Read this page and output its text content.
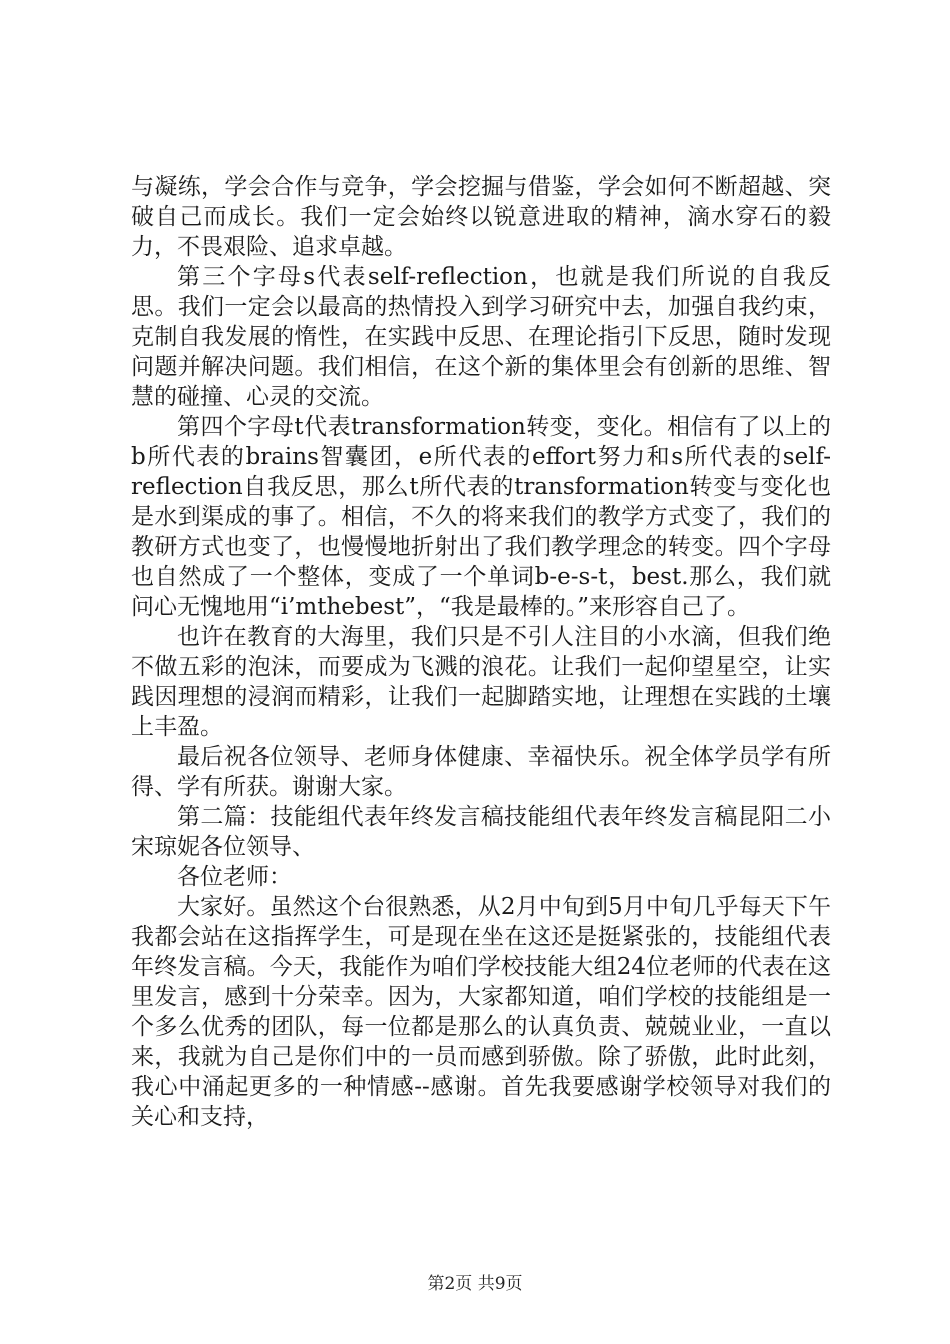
与凝练，学会合作与竞争，学会挖掘与借鉴，学会如何不断超越、突破自己而成长。我们一定会始终以锐意进取的精神，滴水穿石的毅力，不畏艰险、追求卓越。

第三个字母s代表self-reflection，也就是我们所说的自我反思。我们一定会以最高的热情投入到学习研究中去，加强自我约束，克制自我发展的惰性，在实践中反思、在理论指引下反思，随时发现问题并解决问题。我们相信，在这个新的集体里会有创新的思维、智慧的碰撞、心灵的交流。

第四个字母t代表transformation转变，变化。相信有了以上的b所代表的brains智囊团，e所代表的effort努力和s所代表的self-reflection自我反思，那么t所代表的transformation转变与变化也是水到渠成的事了。相信，不久的将来我们的教学方式变了，我们的教研方式也变了，也慢慢地折射出了我们教学理念的转变。四个字母也自然成了一个整体，变成了一个单词b-e-s-t，best.那么，我们就问心无愧地用“i’mthebest”，“我是最棒的。”来形容自己了。

也许在教育的大海里，我们只是不引人注目的小水滴，但我们绝不做五彩的泡沫，而要成为飞溅的浪花。让我们一起仰望星空，让实践因理想的浸润而精彩，让我们一起脚踏实地，让理想在实践的土壤上丰盈。

最后祝各位领导、老师身体健康、幸福快乐。祝全体学员学有所得、学有所获。谢谢大家。

第二篇：技能组代表年终发言稿技能组代表年终发言稿昆阳二小宋琼妮各位领导、

各位老师：

大家好。虽然这个台很熟悉，从2月中旬到5月中旬几乎每天下午我都会站在这指挥学生，可是现在坐在这还是挺紧张的，技能组代表年终发言稿。今天，我能作为咱们学校技能大组24位老师的代表在这里发言，感到十分荣幸。因为，大家都知道，咱们学校的技能组是一个多么优秀的团队，每一位都是那么的认真负责、兢兢业业，一直以来，我就为自己是你们中的一员而感到骄傲。除了骄傲，此时此刻，我心中涌起更多的一种情感--感谢。首先我要感谢学校领导对我们的关心和支持，

第2页 共9页
